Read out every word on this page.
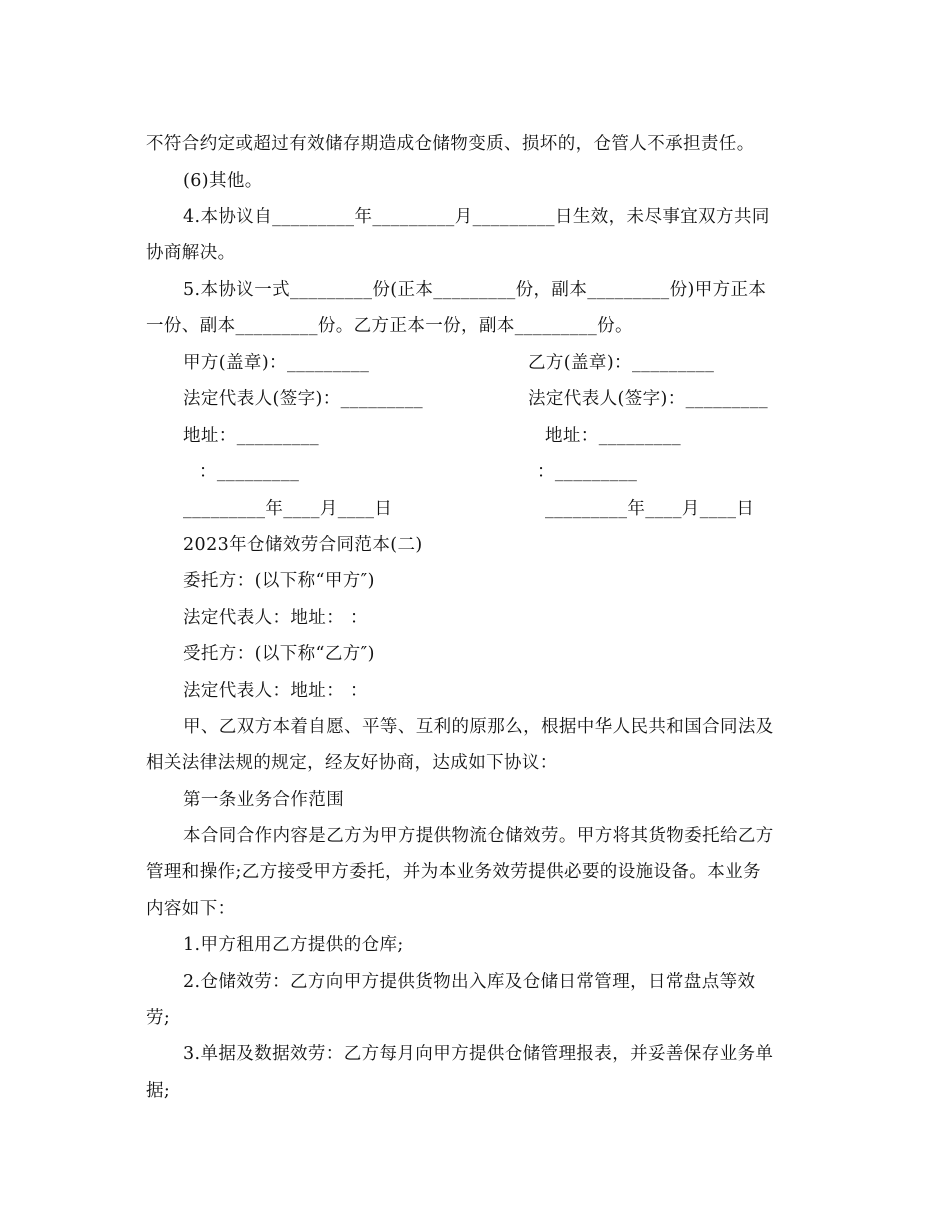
不符合约定或超过有效储存期造成仓储物变质、损坏的，仓管人不承担责任。
(6)其他。
4.本协议自_________年_________月_________日生效，未尽事宜双方共同
协商解决。
5.本协议一式_________份(正本_________份，副本_________份)甲方正本
一份、副本_________份。乙方正本一份，副本_________份。
甲方(盖章)：_________	乙方(盖章)：_________
法定代表人(签字)：_________	法定代表人(签字)：_________
地址：_________	地址：_________
：_________	：_________
_________年____月____日	_________年____月____日
2023年仓储效劳合同范本(二)
委托方：(以下称“甲方″)
法定代表人：地址： ：
受托方：(以下称“乙方″)
法定代表人：地址： ：
甲、乙双方本着自愿、平等、互利的原那么，根据中华人民共和国合同法及
相关法律法规的规定，经友好协商，达成如下协议：
第一条业务合作范围
本合同合作内容是乙方为甲方提供物流仓储效劳。甲方将其货物委托给乙方
管理和操作;乙方接受甲方委托，并为本业务效劳提供必要的设施设备。本业务
内容如下：
1.甲方租用乙方提供的仓库;
2.仓储效劳：乙方向甲方提供货物出入库及仓储日常管理，日常盘点等效
劳;
3.单据及数据效劳：乙方每月向甲方提供仓储管理报表，并妥善保存业务单
据;
